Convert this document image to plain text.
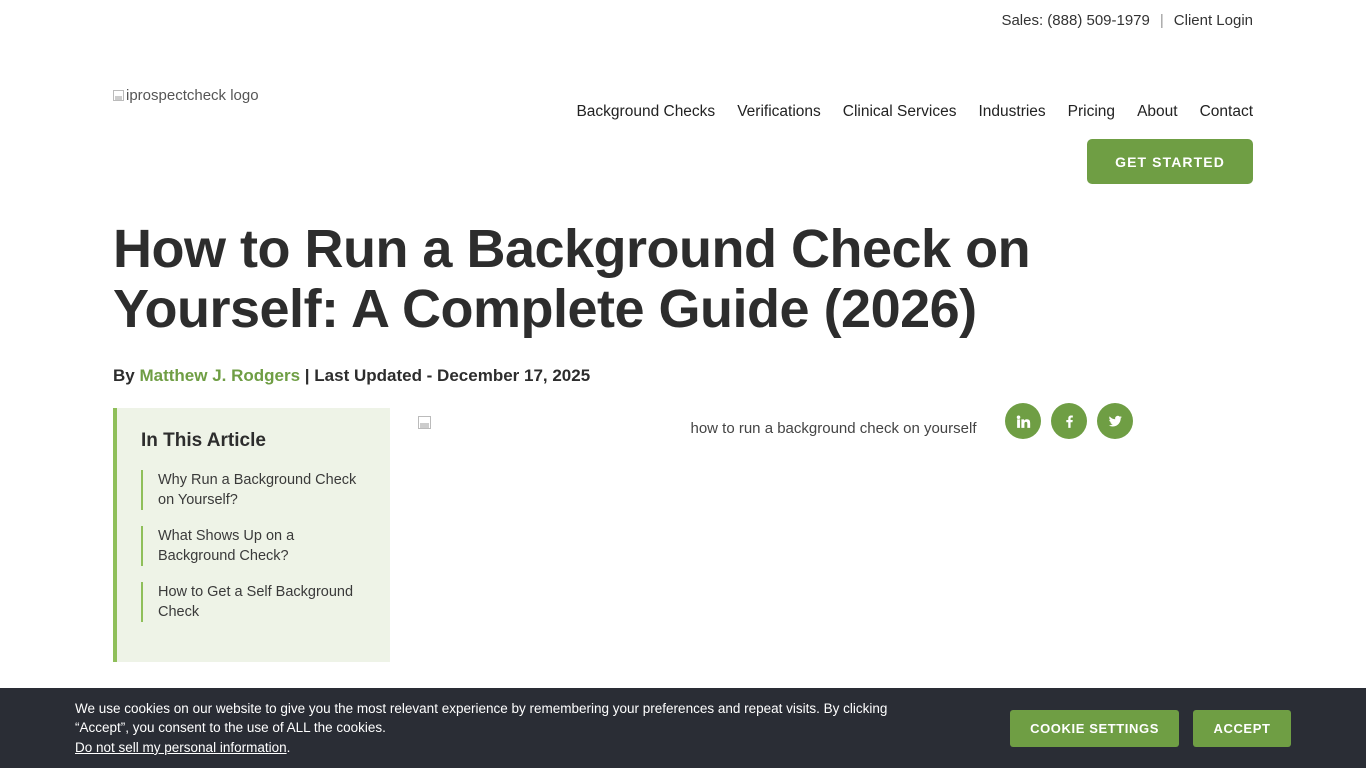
Sales: (888) 509-1979 | Client Login
iprospectcheck logo
Background Checks Verifications Clinical Services Industries Pricing About Contact
GET STARTED
How to Run a Background Check on Yourself: A Complete Guide (2026)
By Matthew J. Rodgers | Last Updated - December 17, 2025
In This Article
Why Run a Background Check on Yourself?
What Shows Up on a Background Check?
How to Get a Self Background Check
how to run a background check on yourself
We use cookies on our website to give you the most relevant experience by remembering your preferences and repeat visits. By clicking
“Accept”, you consent to the use of ALL the cookies.
Do not sell my personal information.
COOKIE SETTINGS	ACCEPT
